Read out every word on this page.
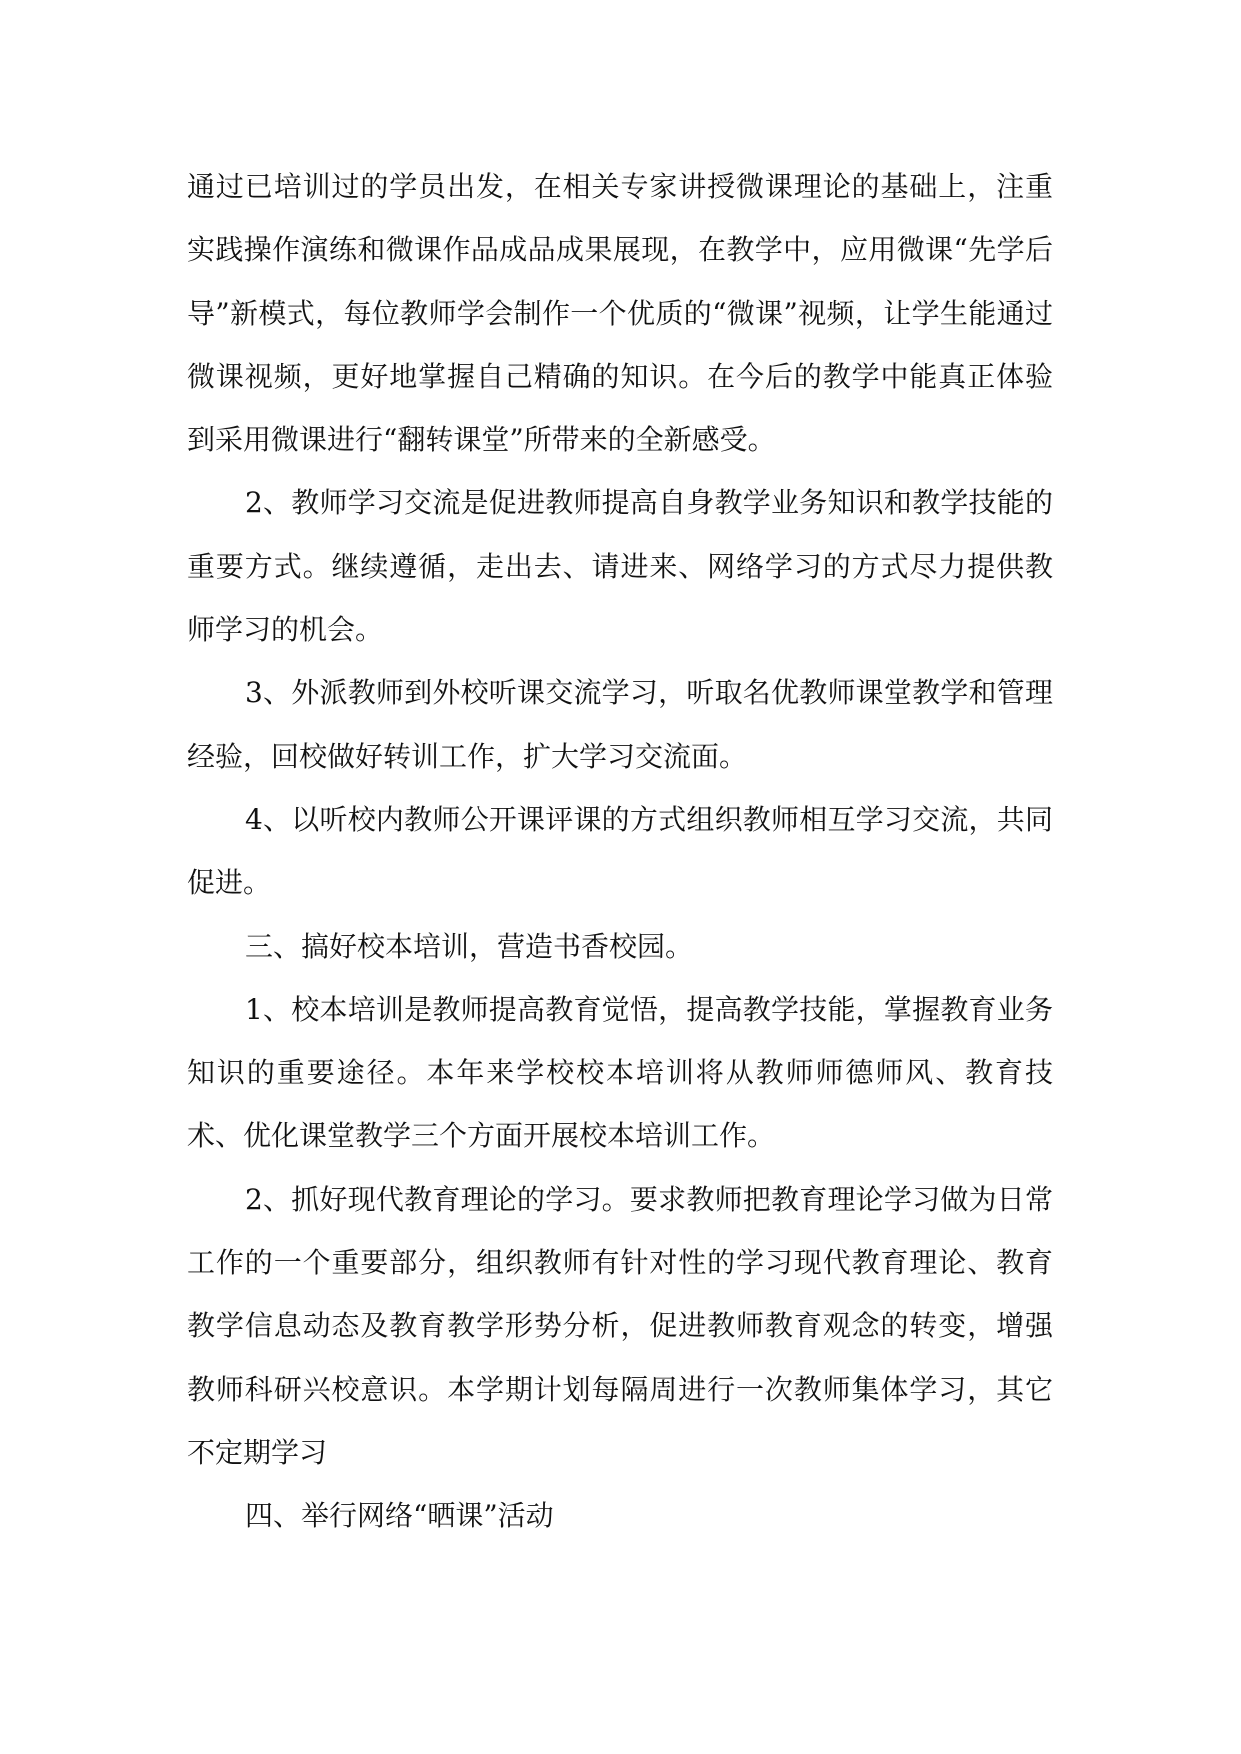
通过已培训过的学员出发，在相关专家讲授微课理论的基础上，注重实践操作演练和微课作品成品成果展现，在教学中，应用微课“先学后导”新模式，每位教师学会制作一个优质的“微课”视频，让学生能通过微课视频，更好地掌握自己精确的知识。在今后的教学中能真正体验到采用微课进行“翻转课堂”所带来的全新感受。

2、教师学习交流是促进教师提高自身教学业务知识和教学技能的重要方式。继续遵循，走出去、请进来、网络学习的方式尽力提供教师学习的机会。

3、外派教师到外校听课交流学习，听取名优教师课堂教学和管理经验，回校做好转训工作，扩大学习交流面。

4、以听校内教师公开课评课的方式组织教师相互学习交流，共同促进。

三、搞好校本培训，营造书香校园。

1、校本培训是教师提高教育觉悟，提高教学技能，掌握教育业务知识的重要途径。本年来学校校本培训将从教师师德师风、教育技术、优化课堂教学三个方面开展校本培训工作。

2、抓好现代教育理论的学习。要求教师把教育理论学习做为日常工作的一个重要部分，组织教师有针对性的学习现代教育理论、教育教学信息动态及教育教学形势分析，促进教师教育观念的转变，增强教师科研兴校意识。本学期计划每隔周进行一次教师集体学习，其它不定期学习

四、举行网络“晒课”活动
